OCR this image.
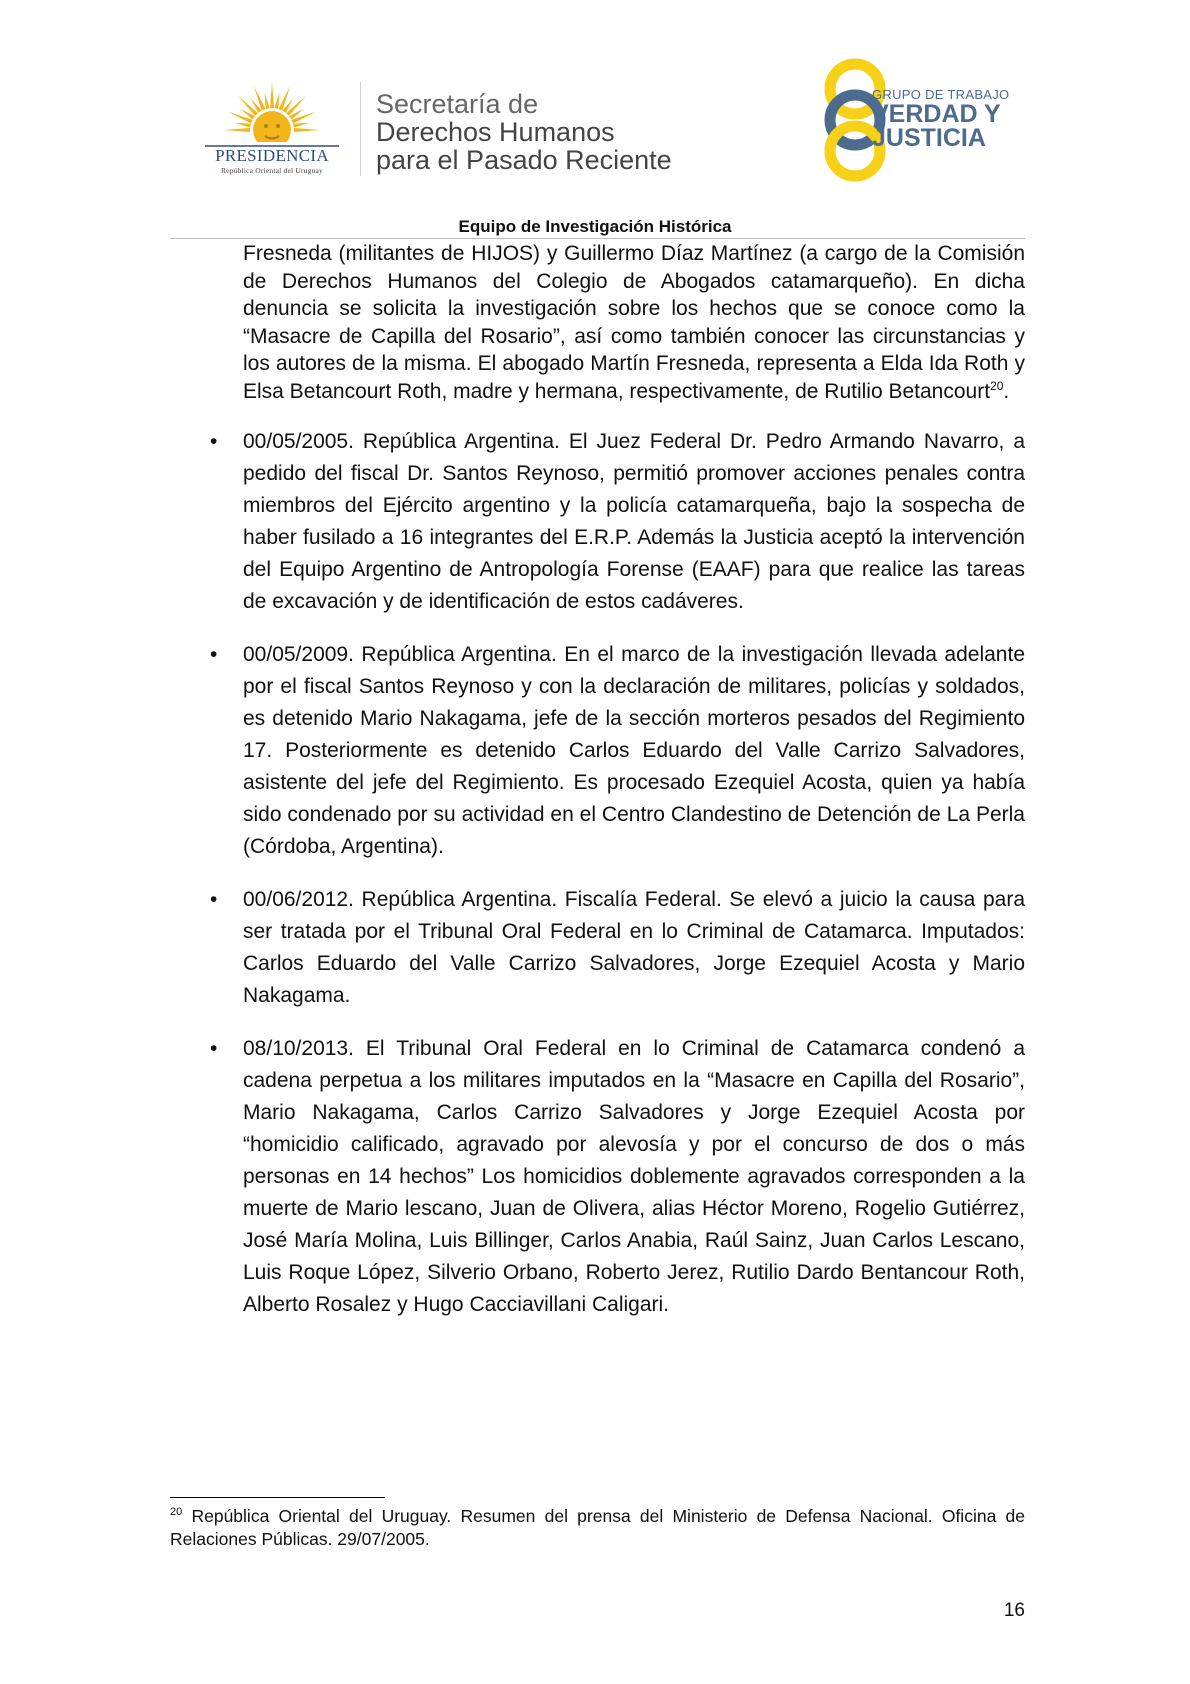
PRESIDENCIA
República Oriental del Uruguay
Secretaría de
Derechos Humanos
para el Pasado Reciente
GRUPO DE TRABAJO
VERDAD Y
JUSTICIA
Equipo de Investigación Histórica

Fresneda (militantes de HIJOS) y Guillermo Díaz Martínez (a cargo de la Comisión de Derechos Humanos del Colegio de Abogados catamarqueño). En dicha denuncia se solicita la investigación sobre los hechos que se conoce como la “Masacre de Capilla del Rosario”, así como también conocer las circunstancias y los autores de la misma. El abogado Martín Fresneda, representa a Elda Ida Roth y Elsa Betancourt Roth, madre y hermana, respectivamente, de Rutilio Betancourt$^{20}$.

• 00/05/2005. República Argentina. El Juez Federal Dr. Pedro Armando Navarro, a pedido del fiscal Dr. Santos Reynoso, permitió promover acciones penales contra miembros del Ejército argentino y la policía catamarqueña, bajo la sospecha de haber fusilado a 16 integrantes del E.R.P. Además la Justicia aceptó la intervención del Equipo Argentino de Antropología Forense (EAAF) para que realice las tareas de excavación y de identificación de estos cadáveres.
• 00/05/2009. República Argentina. En el marco de la investigación llevada adelante por el fiscal Santos Reynoso y con la declaración de militares, policías y soldados, es detenido Mario Nakagama, jefe de la sección morteros pesados del Regimiento 17. Posteriormente es detenido Carlos Eduardo del Valle Carrizo Salvadores, asistente del jefe del Regimiento. Es procesado Ezequiel Acosta, quien ya había sido condenado por su actividad en el Centro Clandestino de Detención de La Perla (Córdoba, Argentina).
• 00/06/2012. República Argentina. Fiscalía Federal. Se elevó a juicio la causa para ser tratada por el Tribunal Oral Federal en lo Criminal de Catamarca. Imputados: Carlos Eduardo del Valle Carrizo Salvadores, Jorge Ezequiel Acosta y Mario Nakagama.
• 08/10/2013. El Tribunal Oral Federal en lo Criminal de Catamarca condenó a cadena perpetua a los militares imputados en la “Masacre en Capilla del Rosario”, Mario Nakagama, Carlos Carrizo Salvadores y Jorge Ezequiel Acosta por “homicidio calificado, agravado por alevosía y por el concurso de dos o más personas en 14 hechos” Los homicidios doblemente agravados corresponden a la muerte de Mario lescano, Juan de Olivera, alias Héctor Moreno, Rogelio Gutiérrez, José María Molina, Luis Billinger, Carlos Anabia, Raúl Sainz, Juan Carlos Lescano, Luis Roque López, Silverio Orbano, Roberto Jerez, Rutilio Dardo Bentancour Roth, Alberto Rosalez y Hugo Cacciavillani Caligari.
$^{20}$ República Oriental del Uruguay. Resumen del prensa del Ministerio de Defensa Nacional. Oficina de Relaciones Públicas. 29/07/2005.
16
